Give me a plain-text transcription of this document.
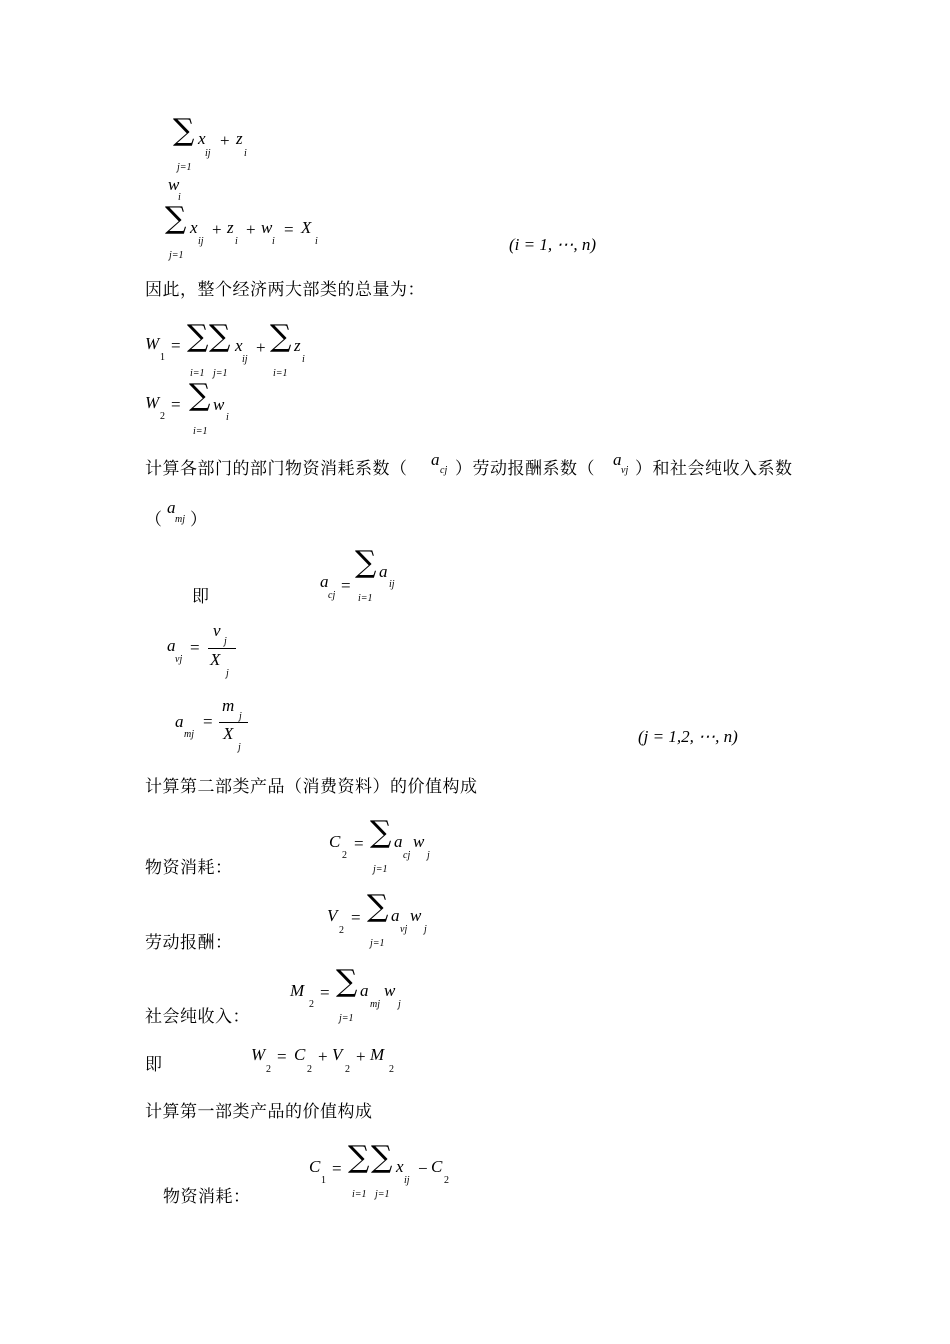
∑ x
ij
+ z
i
j=1
w
i
∑ x
ij
+ z
i
+ w
i
= X
i
j=1
(i = 1, ⋯, n)
因此，整个经济两大部类的总量为：
W
1
= ∑ ∑ x
ij
+ ∑ z
i
i=1 j=1	i=1
W
2
= ∑ w
i
i=1
计算各部门的部门物资消耗系数（ a
cj ）劳动报酬系数（ a
vj ）和社会纯收入系数
（
a
mj ）
即
a
cj
=
∑ a
ij
i=1
a
vj
=
v
j
X
j
a
mj
=
m
j
X
j
(j = 1,2, ⋯, n)
计算第二部类产品（消费资料）的价值构成
物资消耗：
C
2
= ∑ a
cj
w
j
j=1
劳动报酬：
V
2
= ∑ a
vj
w
j
j=1
社会纯收入：
M
2
= ∑ a
mj
w
j
j=1
即
W
2
= C
2
+ V
2
+ M
2
计算第一部类产品的价值构成
物资消耗：
C
1
= ∑ ∑ x
ij
− C
2
i=1 j=1
